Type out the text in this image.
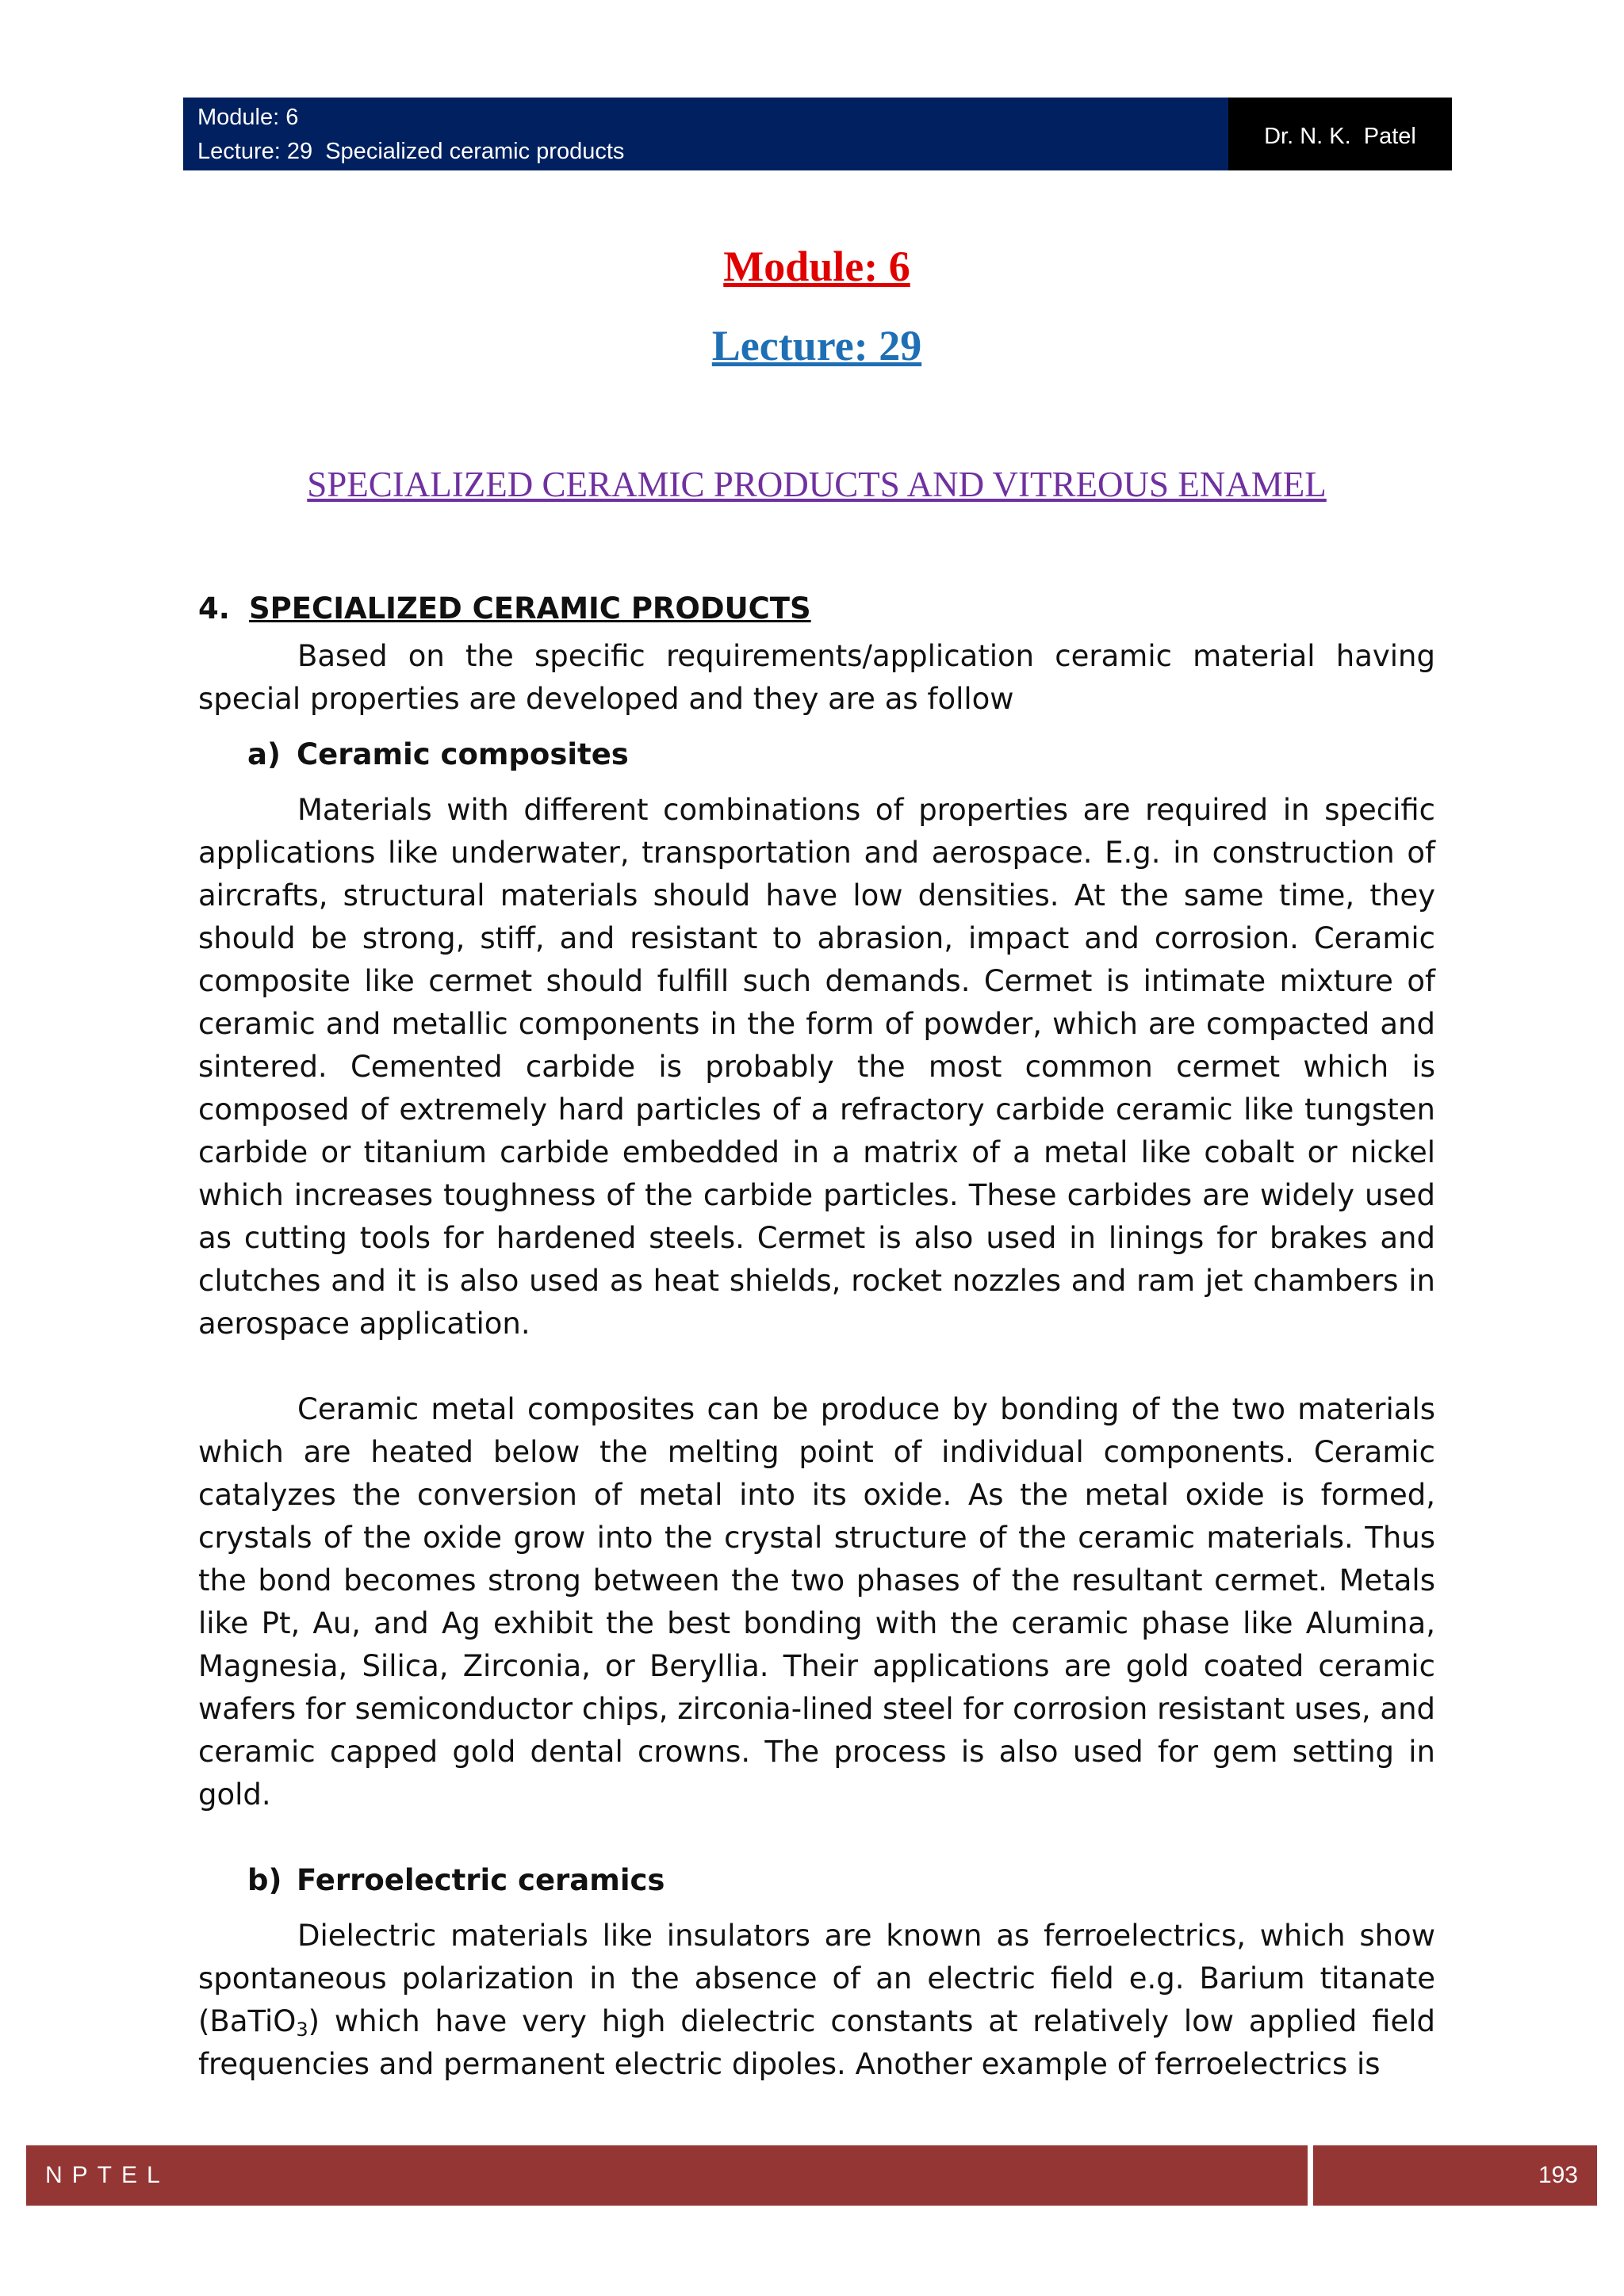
Module: 6
Lecture: 29  Specialized ceramic products
Dr. N. K.  Patel
Module: 6
Lecture: 29
SPECIALIZED CERAMIC PRODUCTS AND VITREOUS ENAMEL
4. SPECIALIZED CERAMIC PRODUCTS

Based on the specific requirements/application ceramic material having special properties are developed and they are as follow

a) Ceramic composites

Materials with different combinations of properties are required in specific applications like underwater, transportation and aerospace. E.g. in construction of aircrafts, structural materials should have low densities. At the same time, they should be strong, stiff, and resistant to abrasion, impact and corrosion. Ceramic composite like cermet should fulfill such demands. Cermet is intimate mixture of ceramic and metallic components in the form of powder, which are compacted and sintered. Cemented carbide is probably the most common cermet which is composed of extremely hard particles of a refractory carbide ceramic like tungsten carbide or titanium carbide embedded in a matrix of a metal like cobalt or nickel which increases toughness of the carbide particles. These carbides are widely used as cutting tools for hardened steels. Cermet is also used in linings for brakes and clutches and it is also used as heat shields, rocket nozzles and ram jet chambers in aerospace application.

Ceramic metal composites can be produce by bonding of the two materials which are heated below the melting point of individual components. Ceramic catalyzes the conversion of metal into its oxide. As the metal oxide is formed, crystals of the oxide grow into the crystal structure of the ceramic materials. Thus the bond becomes strong between the two phases of the resultant cermet. Metals like Pt, Au, and Ag exhibit the best bonding with the ceramic phase like Alumina, Magnesia, Silica, Zirconia, or Beryllia. Their applications are gold coated ceramic wafers for semiconductor chips, zirconia-lined steel for corrosion resistant uses, and ceramic capped gold dental crowns. The process is also used for gem setting in gold.

b) Ferroelectric ceramics

Dielectric materials like insulators are known as ferroelectrics, which show spontaneous polarization in the absence of an electric field e.g. Barium titanate (BaTiO$_3$) which have very high dielectric constants at relatively low applied field frequencies and permanent electric dipoles. Another example of ferroelectrics is

NPTEL	193
